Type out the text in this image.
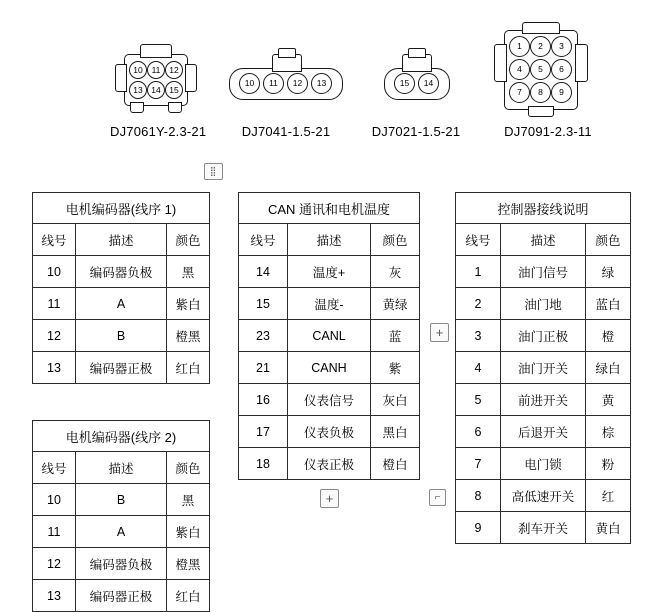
10 11 12
13 14 15
DJ7061Y-2.3-21
10 11 12 13
DJ7041-1.5-21
15 14
DJ7021-1.5-21
1 2 3
4 5 6
7 8 9
DJ7091-2.3-11
⣿
电机编码器(线序 1)		
线号	描述	颜色
10	编码器负极	黑
11	A	紫白
12	B	橙黑
13	编码器正极	红白
电机编码器(线序 2)		
线号	描述	颜色
10	B	黑
11	A	紫白
12	编码器负极	橙黑
13	编码器正极	红白
CAN 通讯和电机温度		
线号	描述	颜色
14	温度+	灰
15	温度-	黄绿
23	CANL	蓝
21	CANH	紫
16	仪表信号	灰白
17	仪表负极	黑白
18	仪表正极	橙白
控制器接线说明		
线号	描述	颜色
1	油门信号	绿
2	油门地	蓝白
3	油门正极	橙
4	油门开关	绿白
5	前进开关	黄
6	后退开关	棕
7	电门锁	粉
8	高低速开关	红
9	刹车开关	黄白
+
+	⌐
